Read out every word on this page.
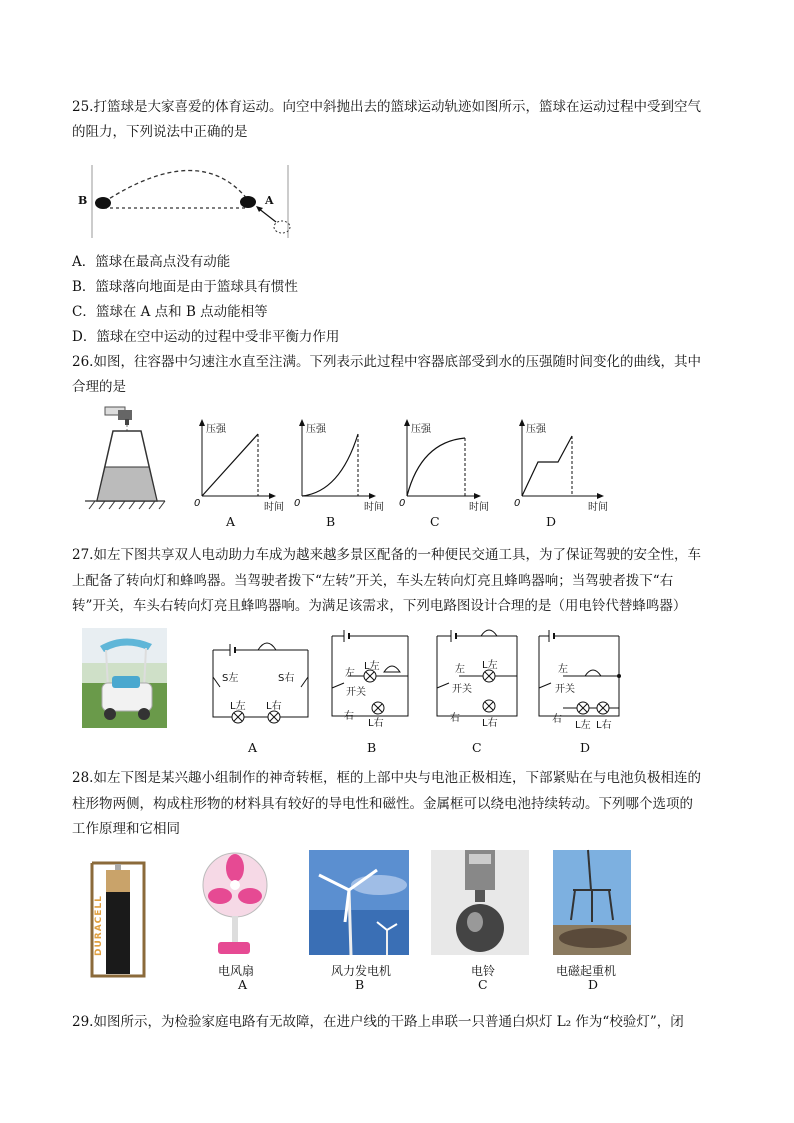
25.打篮球是大家喜爱的体育运动。向空中斜抛出去的篮球运动轨迹如图所示，篮球在运动过程中受到空气
的阻力，下列说法中正确的是
B	A
A．篮球在最高点没有动能
B．篮球落向地面是由于篮球具有惯性
C．篮球在 A 点和 B 点动能相等
D．篮球在空中运动的过程中受非平衡力作用
26.如图，往容器中匀速注水直至注满。下列表示此过程中容器底部受到水的压强随时间变化的曲线，其中
合理的是
压强	压强	压强	压强
0	0	0	0
时间	时间	时间	时间
A	B	C	D
27.如左下图共享双人电动助力车成为越来越多景区配备的一种便民交通工具，为了保证驾驶的安全性，车
上配备了转向灯和蜂鸣器。当驾驶者拨下“左转”开关，车头左转向灯亮且蜂鸣器响；当驾驶者拨下“右
转”开关，车头右转向灯亮且蜂鸣器响。为满足该需求，下列电路图设计合理的是（用电铃代替蜂鸣器）
S左	S右
L左 L右
左
L左
开关
右
L右
左 L左
开关
右 L右
左
开关
右
L左 L右
A	B	C	D
28.如左下图是某兴趣小组制作的神奇转框，框的上部中央与电池正极相连，下部紧贴在与电池负极相连的
柱形物两侧，构成柱形物的材料具有较好的导电性和磁性。金属框可以绕电池持续转动。下列哪个选项的
工作原理和它相同
DURACELL
电风扇	风力发电机	电铃	电磁起重机
A	B	C	D
29.如图所示，为检验家庭电路有无故障，在进户线的干路上串联一只普通白炽灯 L₂ 作为“校验灯”，闭
